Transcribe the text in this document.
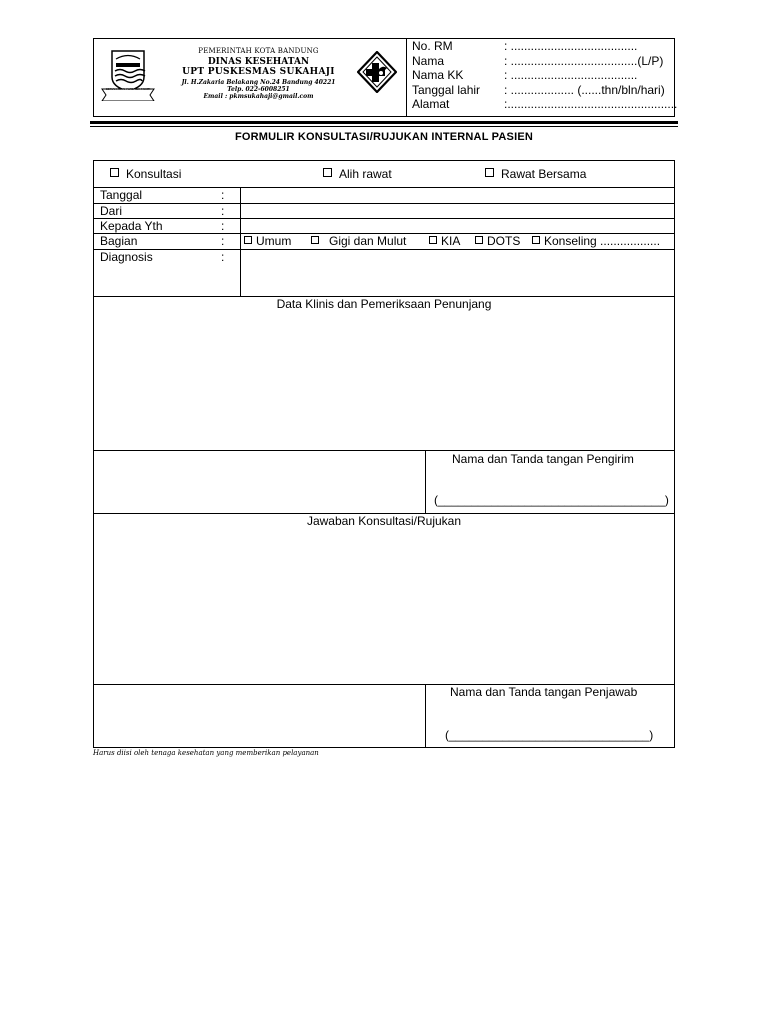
GEMAH RIPAH WIBAWA MUKTI
PEMERINTAH KOTA BANDUNG
DINAS KESEHATAN
UPT PUSKESMAS SUKAHAJI
Jl. H.Zakaria Belakang No.24 Bandung 40221
Telp. 022-6008251
Email : pkmsukahaji@gmail.com
No. RM	: ......................................
Nama	: ......................................(L/P)
Nama KK	: ......................................
Tanggal lahir : ................... (......thn/bln/hari)
Alamat	:...................................................
FORMULIR KONSULTASI/RUJUKAN INTERNAL PASIEN
Konsultasi	Alih rawat	Rawat Bersama
Tanggal	:
Dari	:
Kepada Yth	:
Bagian	:	Umum	Gigi dan Mulut	KIA	DOTS	Konseling ..................
Diagnosis	:
Data Klinis dan Pemeriksaan Penunjang
Nama dan Tanda tangan Pengirim
(__________________________________)
Jawaban Konsultasi/Rujukan
Nama dan Tanda tangan Penjawab
(______________________________)
Harus diisi oleh tenaga kesehatan yang memberikan pelayanan
